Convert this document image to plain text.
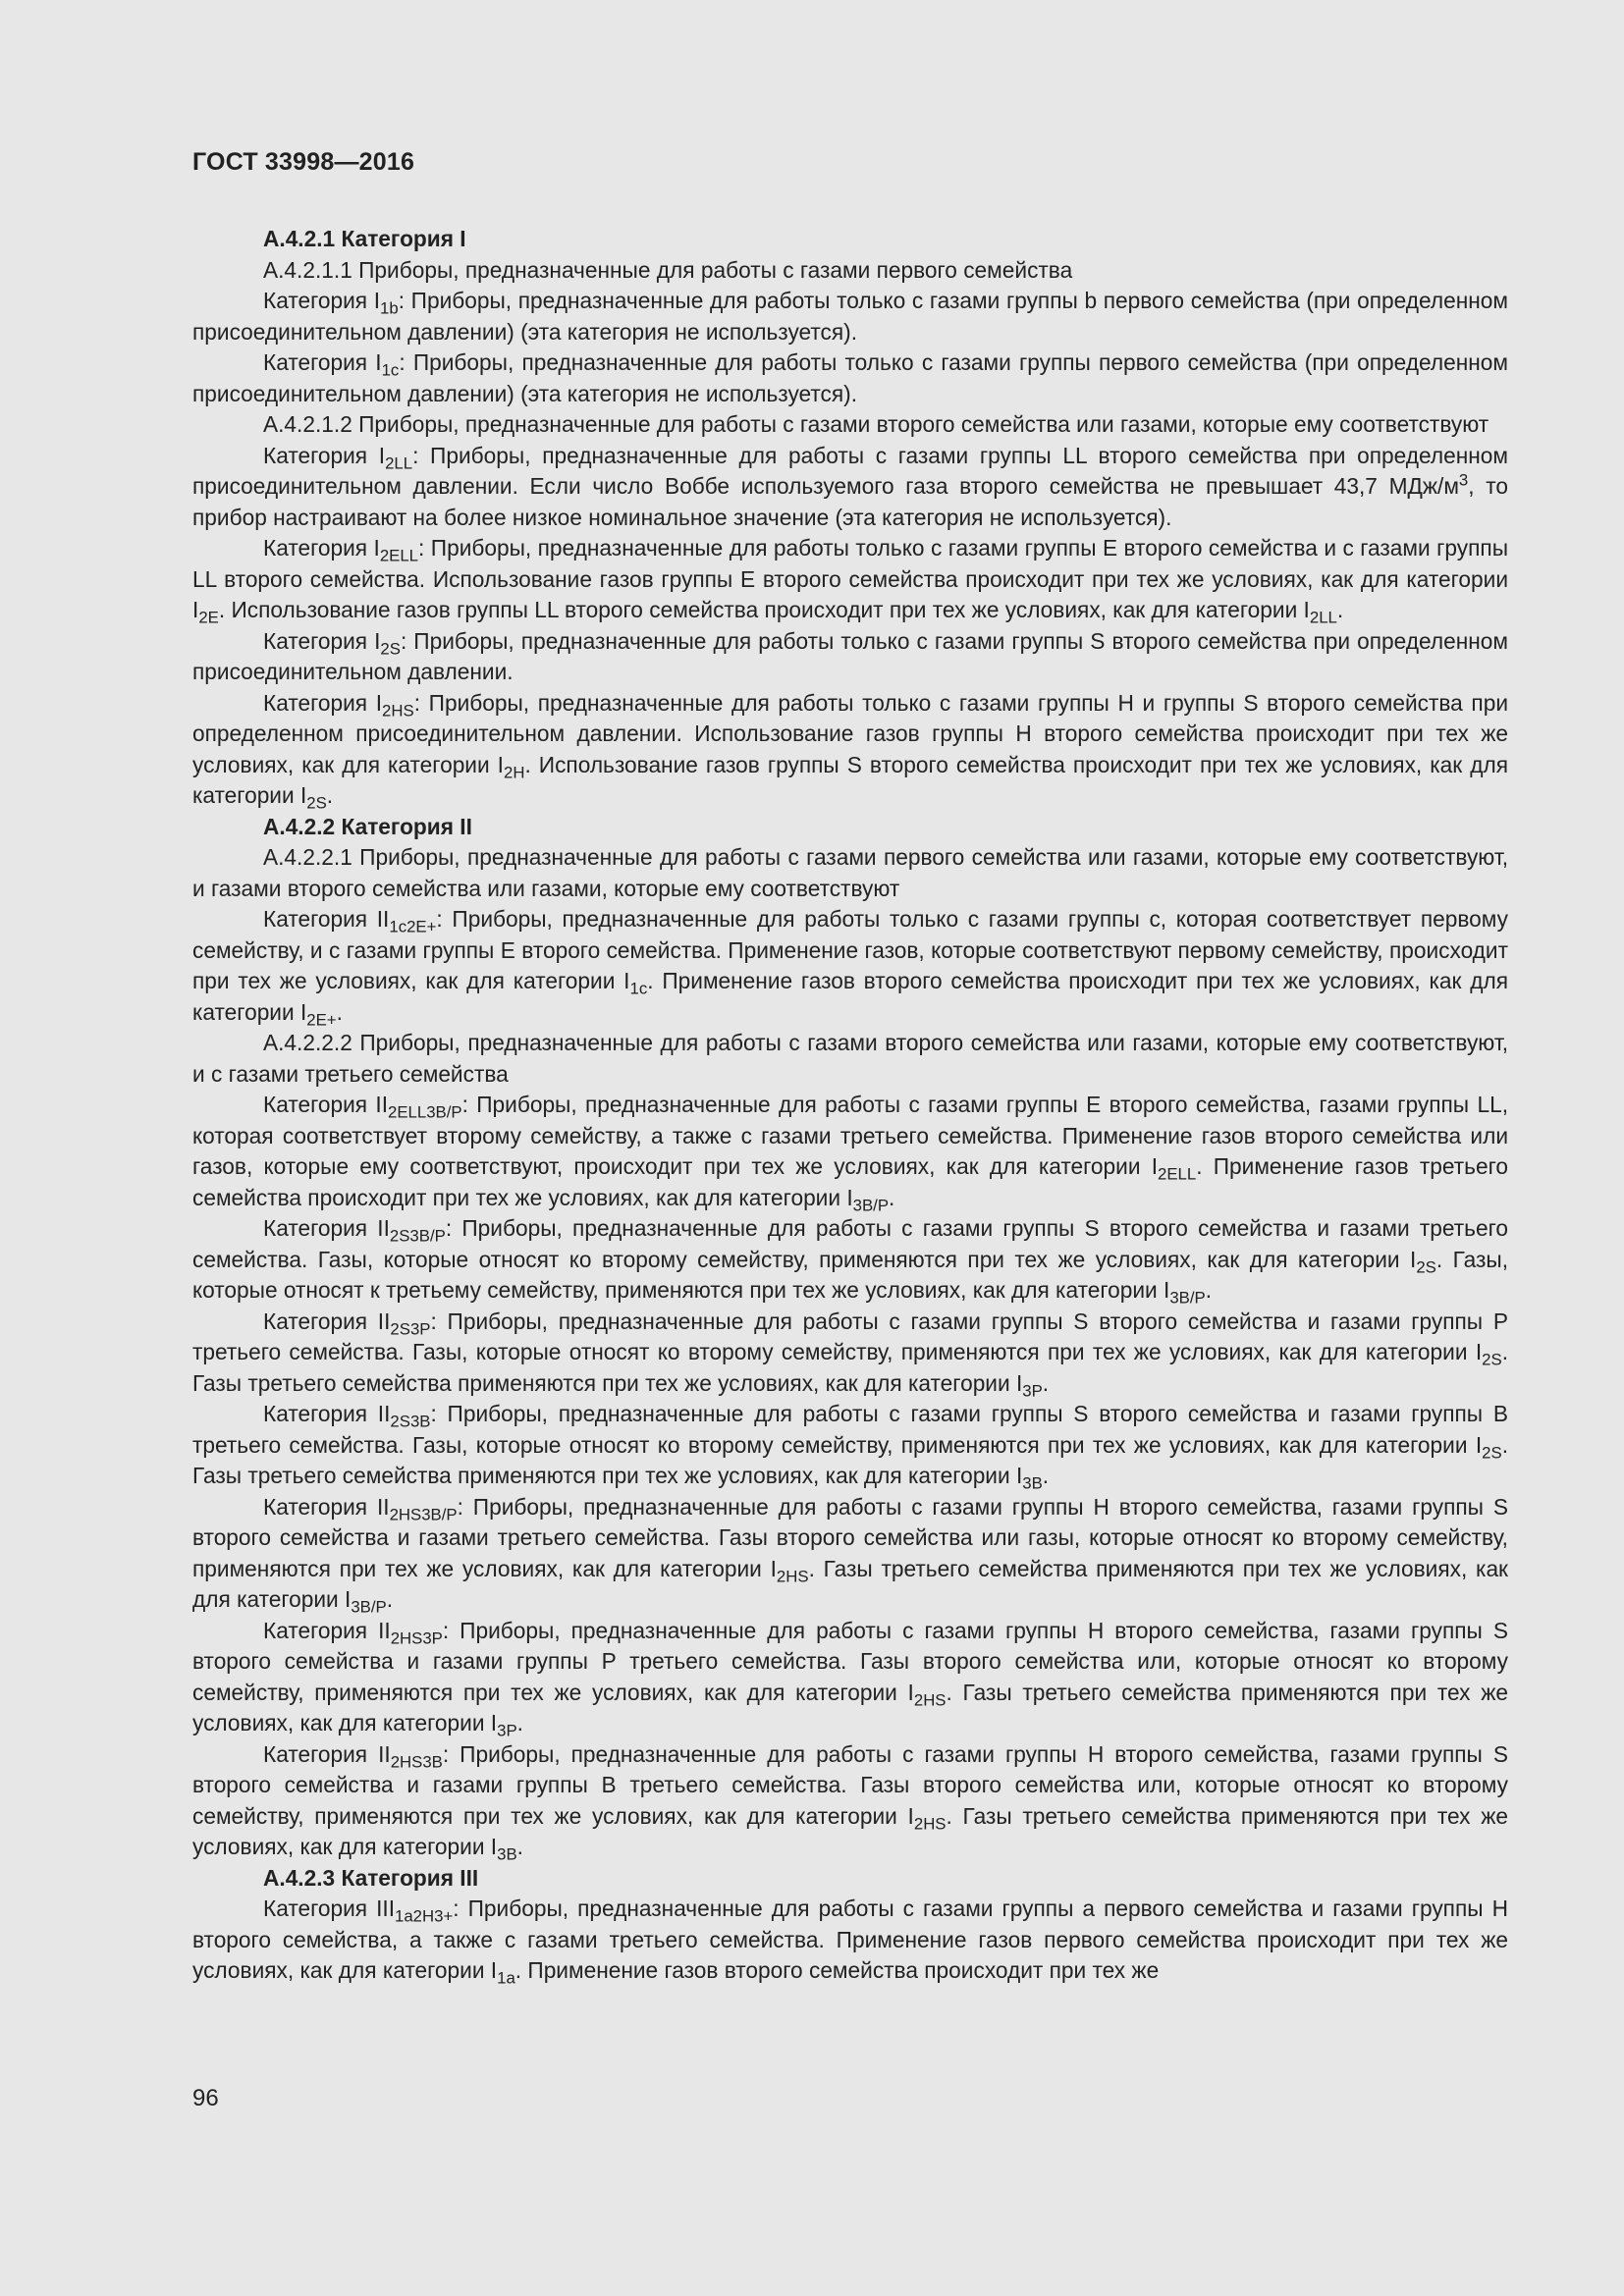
ГОСТ 33998—2016

А.4.2.1 Категория I

А.4.2.1.1 Приборы, предназначенные для работы с газами первого семейства

Категория $I_{1b}$: Приборы, предназначенные для работы только с газами группы b первого семейства (при определенном присоединительном давлении) (эта категория не используется).

Категория $I_{1c}$: Приборы, предназначенные для работы только с газами группы первого семейства (при определенном присоединительном давлении) (эта категория не используется).

А.4.2.1.2 Приборы, предназначенные для работы с газами второго семейства или газами, которые ему соответствуют

Категория $I_{2LL}$: Приборы, предназначенные для работы с газами группы LL второго семейства при определенном присоединительном давлении. Если число Воббе используемого газа второго семейства не превышает 43,7 МДж/$м^3$, то прибор настраивают на более низкое номинальное значение (эта категория не используется).

Категория $I_{2ELL}$: Приборы, предназначенные для работы только с газами группы E второго семейства и с газами группы LL второго семейства. Использование газов группы E второго семейства происходит при тех же условиях, как для категории $I_{2E}$. Использование газов группы LL второго семейства происходит при тех же условиях, как для категории $I_{2LL}$.

Категория $I_{2S}$: Приборы, предназначенные для работы только с газами группы S второго семейства при определенном присоединительном давлении.

Категория $I_{2HS}$: Приборы, предназначенные для работы только с газами группы H и группы S второго семейства при определенном присоединительном давлении. Использование газов группы H второго семейства происходит при тех же условиях, как для категории $I_{2H}$. Использование газов группы S второго семейства происходит при тех же условиях, как для категории $I_{2S}$.

А.4.2.2 Категория II

А.4.2.2.1 Приборы, предназначенные для работы с газами первого семейства или газами, которые ему соответствуют, и газами второго семейства или газами, которые ему соответствуют

Категория $II_{1c2E+}$: Приборы, предназначенные для работы только с газами группы c, которая соответствует первому семейству, и с газами группы E второго семейства. Применение газов, которые соответствуют первому семейству, происходит при тех же условиях, как для категории $I_{1c}$. Применение газов второго семейства происходит при тех же условиях, как для категории $I_{2E+}$.

А.4.2.2.2 Приборы, предназначенные для работы с газами второго семейства или газами, которые ему соответствуют, и с газами третьего семейства

Категория $II_{2ELL3B/P}$: Приборы, предназначенные для работы с газами группы E второго семейства, газами группы LL, которая соответствует второму семейству, а также с газами третьего семейства. Применение газов второго семейства или газов, которые ему соответствуют, происходит при тех же условиях, как для категории $I_{2ELL}$. Применение газов третьего семейства происходит при тех же условиях, как для категории $I_{3B/P}$.

Категория $II_{2S3B/P}$: Приборы, предназначенные для работы с газами группы S второго семейства и газами третьего семейства. Газы, которые относят ко второму семейству, применяются при тех же условиях, как для категории $I_{2S}$. Газы, которые относят к третьему семейству, применяются при тех же условиях, как для категории $I_{3B/P}$.

Категория $II_{2S3P}$: Приборы, предназначенные для работы с газами группы S второго семейства и газами группы P третьего семейства. Газы, которые относят ко второму семейству, применяются при тех же условиях, как для категории $I_{2S}$. Газы третьего семейства применяются при тех же условиях, как для категории $I_{3P}$.

Категория $II_{2S3B}$: Приборы, предназначенные для работы с газами группы S второго семейства и газами группы B третьего семейства. Газы, которые относят ко второму семейству, применяются при тех же условиях, как для категории $I_{2S}$. Газы третьего семейства применяются при тех же условиях, как для категории $I_{3B}$.

Категория $II_{2HS3B/P}$: Приборы, предназначенные для работы с газами группы H второго семейства, газами группы S второго семейства и газами третьего семейства. Газы второго семейства или газы, которые относят ко второму семейству, применяются при тех же условиях, как для категории $I_{2HS}$. Газы третьего семейства применяются при тех же условиях, как для категории $I_{3B/P}$.

Категория $II_{2HS3P}$: Приборы, предназначенные для работы с газами группы H второго семейства, газами группы S второго семейства и газами группы P третьего семейства. Газы второго семейства или, которые относят ко второму семейству, применяются при тех же условиях, как для категории $I_{2HS}$. Газы третьего семейства применяются при тех же условиях, как для категории $I_{3P}$.

Категория $II_{2HS3B}$: Приборы, предназначенные для работы с газами группы H второго семейства, газами группы S второго семейства и газами группы B третьего семейства. Газы второго семейства или, которые относят ко второму семейству, применяются при тех же условиях, как для категории $I_{2HS}$. Газы третьего семейства применяются при тех же условиях, как для категории $I_{3B}$.

А.4.2.3 Категория III

Категория $III_{1a2H3+}$: Приборы, предназначенные для работы с газами группы a первого семейства и газами группы H второго семейства, а также с газами третьего семейства. Применение газов первого семейства происходит при тех же условиях, как для категории $I_{1a}$. Применение газов второго семейства происходит при тех же

96
